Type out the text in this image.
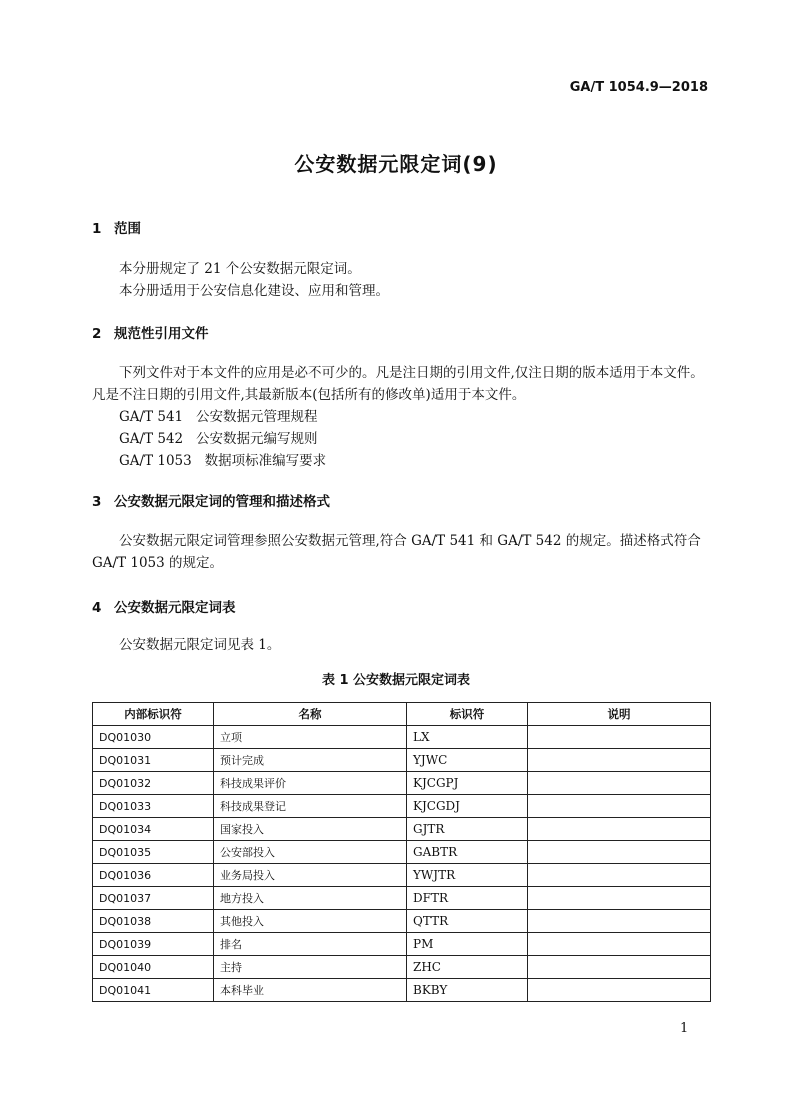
GA/T 1054.9—2018
公安数据元限定词(9)
1 范围

本分册规定了 21 个公安数据元限定词。

本分册适用于公安信息化建设、应用和管理。

2 规范性引用文件

下列文件对于本文件的应用是必不可少的。凡是注日期的引用文件,仅注日期的版本适用于本文件。凡是不注日期的引用文件,其最新版本(包括所有的修改单)适用于本文件。

GA/T 541   公安数据元管理规程

GA/T 542   公安数据元编写规则

GA/T 1053   数据项标准编写要求

3 公安数据元限定词的管理和描述格式

公安数据元限定词管理参照公安数据元管理,符合 GA/T 541 和 GA/T 542 的规定。描述格式符合 GA/T 1053 的规定。

4 公安数据元限定词表

公安数据元限定词见表 1。

表 1 公安数据元限定词表
内部标识符	名称	标识符	说明
DQ01030	立项	LX	
DQ01031	预计完成	YJWC	
DQ01032	科技成果评价	KJCGPJ	
DQ01033	科技成果登记	KJCGDJ	
DQ01034	国家投入	GJTR	
DQ01035	公安部投入	GABTR	
DQ01036	业务局投入	YWJTR	
DQ01037	地方投入	DFTR	
DQ01038	其他投入	QTTR	
DQ01039	排名	PM	
DQ01040	主持	ZHC	
DQ01041	本科毕业	BKBY	
1
